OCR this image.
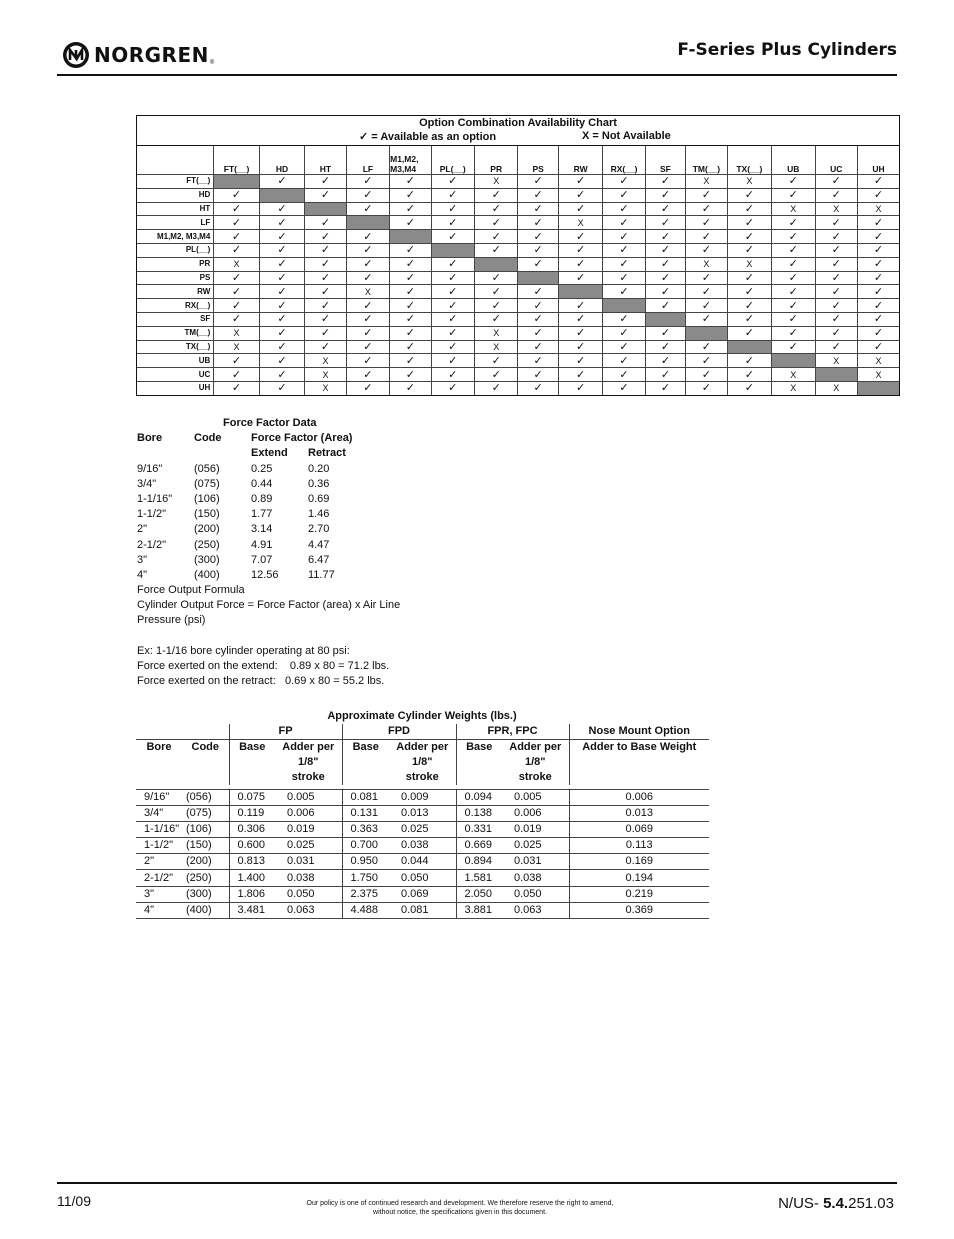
NORGREN ®
F-Series Plus Cylinders
Option Combination Availability Chart
✓ = Available as an option	X = Not Available
	FT(__)	HD	HT	LF	M1,M2,
M3,M4	PL(__)	PR	PS	RW	RX(__)	SF	TM(__)	TX(__)	UB	UC	UH
FT(__)		✓	✓	✓	✓	✓	X	✓	✓	✓	✓	X	X	✓	✓	✓
HD	✓		✓	✓	✓	✓	✓	✓	✓	✓	✓	✓	✓	✓	✓	✓
HT	✓	✓		✓	✓	✓	✓	✓	✓	✓	✓	✓	✓	X	X	X
LF	✓	✓	✓		✓	✓	✓	✓	X	✓	✓	✓	✓	✓	✓	✓
M1,M2, M3,M4	✓	✓	✓	✓		✓	✓	✓	✓	✓	✓	✓	✓	✓	✓	✓
PL(__)	✓	✓	✓	✓	✓		✓	✓	✓	✓	✓	✓	✓	✓	✓	✓
PR	X	✓	✓	✓	✓	✓		✓	✓	✓	✓	X	X	✓	✓	✓
PS	✓	✓	✓	✓	✓	✓	✓		✓	✓	✓	✓	✓	✓	✓	✓
RW	✓	✓	✓	X	✓	✓	✓	✓		✓	✓	✓	✓	✓	✓	✓
RX(__)	✓	✓	✓	✓	✓	✓	✓	✓	✓		✓	✓	✓	✓	✓	✓
SF	✓	✓	✓	✓	✓	✓	✓	✓	✓	✓		✓	✓	✓	✓	✓
TM(__)	X	✓	✓	✓	✓	✓	X	✓	✓	✓	✓		✓	✓	✓	✓
TX(__)	X	✓	✓	✓	✓	✓	X	✓	✓	✓	✓	✓		✓	✓	✓
UB	✓	✓	X	✓	✓	✓	✓	✓	✓	✓	✓	✓	✓		X	X
UC	✓	✓	X	✓	✓	✓	✓	✓	✓	✓	✓	✓	✓	X		X
UH	✓	✓	X	✓	✓	✓	✓	✓	✓	✓	✓	✓	✓	X	X	
Force Factor Data
Bore	Code	Force Factor (Area)
Extend Retract
9/16"	(056)	0.25	0.20
3/4"	(075)	0.44	0.36
1-1/16" (106)	0.89	0.69
1-1/2"	(150)	1.77	1.46
2"	(200)	3.14	2.70
2-1/2"	(250)	4.91	4.47
3"	(300)	7.07	6.47
4"	(400)	12.56	11.77
Force Output Formula
Cylinder Output Force = Force Factor (area) x Air Line
Pressure (psi)
Ex: 1-1/16 bore cylinder operating at 80 psi:
Force exerted on the extend:    0.89 x 80 = 71.2 lbs.
Force exerted on the retract:   0.69 x 80 = 55.2 lbs.
Approximate Cylinder Weights (lbs.)
		FP		FPD		FPR, FPC		Nose Mount Option
Bore	Code	Base	Adder per
1/8"
stroke	Base	Adder per
1/8"
stroke	Base	Adder per
1/8"
stroke	Adder to Base Weight

9/16"	(056)	0.075	0.005	0.081	0.009	0.094	0.005	0.006
3/4"	(075)	0.119	0.006	0.131	0.013	0.138	0.006	0.013
1-1/16"	(106)	0.306	0.019	0.363	0.025	0.331	0.019	0.069
1-1/2"	(150)	0.600	0.025	0.700	0.038	0.669	0.025	0.113
2"	(200)	0.813	0.031	0.950	0.044	0.894	0.031	0.169
2-1/2"	(250)	1.400	0.038	1.750	0.050	1.581	0.038	0.194
3"	(300)	1.806	0.050	2.375	0.069	2.050	0.050	0.219
4"	(400)	3.481	0.063	4.488	0.081	3.881	0.063	0.369
11/09	Our policy is one of continued research and development. We therefore reserve the right to amend,
without notice, the specifications given in this document.
N/US- 5.4.251.03
